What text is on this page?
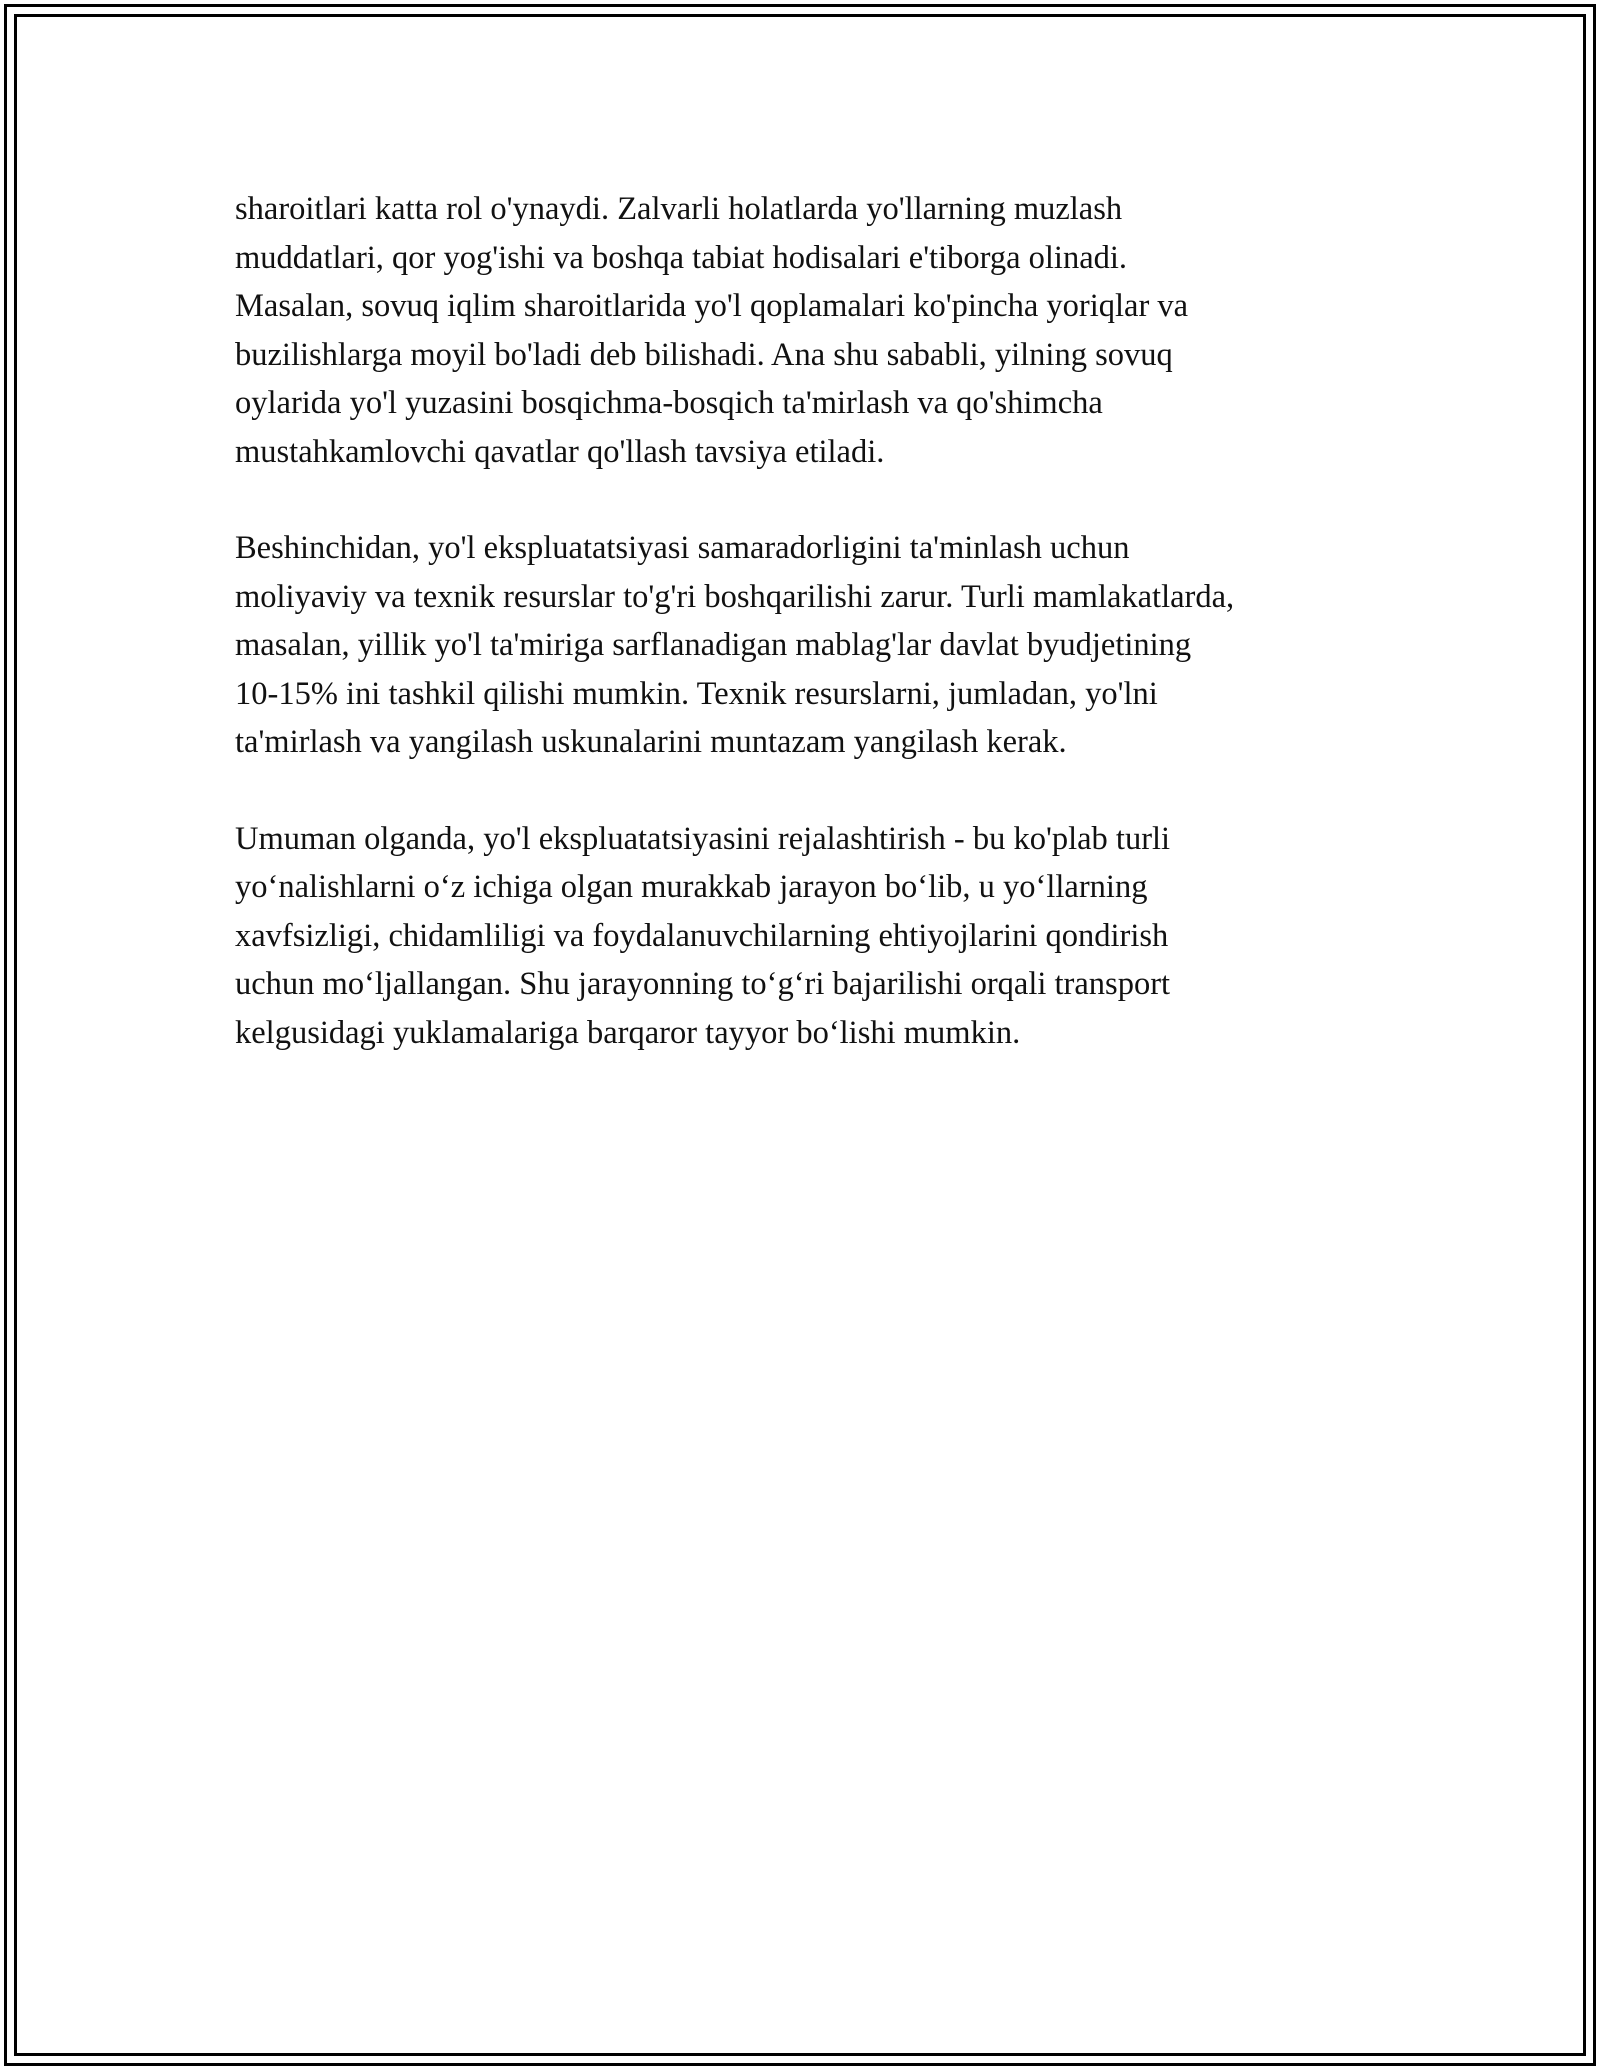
sharoitlari katta rol o'ynaydi. Zalvarli holatlarda yo'llarning muzlash
muddatlari, qor yog'ishi va boshqa tabiat hodisalari e'tiborga olinadi.
Masalan, sovuq iqlim sharoitlarida yo'l qoplamalari ko'pincha yoriqlar va
buzilishlarga moyil bo'ladi deb bilishadi. Ana shu sababli, yilning sovuq
oylarida yo'l yuzasini bosqichma-bosqich ta'mirlash va qo'shimcha
mustahkamlovchi qavatlar qo'llash tavsiya etiladi.

Beshinchidan, yo'l ekspluatatsiyasi samaradorligini ta'minlash uchun
moliyaviy va texnik resurslar to'g'ri boshqarilishi zarur. Turli mamlakatlarda,
masalan, yillik yo'l ta'miriga sarflanadigan mablag'lar davlat byudjetining
10-15% ini tashkil qilishi mumkin. Texnik resurslarni, jumladan, yo'lni
ta'mirlash va yangilash uskunalarini muntazam yangilash kerak.

Umuman olganda, yo'l ekspluatatsiyasini rejalashtirish - bu ko'plab turli
yoʻnalishlarni oʻz ichiga olgan murakkab jarayon boʻlib, u yoʻllarning
xavfsizligi, chidamliligi va foydalanuvchilarning ehtiyojlarini qondirish
uchun moʻljallangan. Shu jarayonning toʻgʻri bajarilishi orqali transport
kelgusidagi yuklamalariga barqaror tayyor boʻlishi mumkin.
